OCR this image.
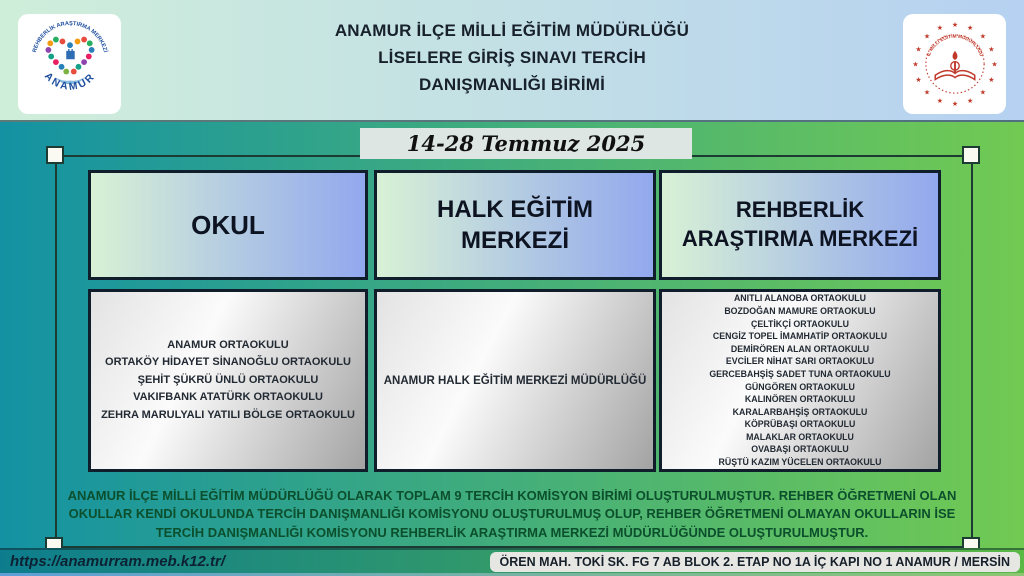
REHBERLİK ARAŞTIRMA MERKEZİ
ANAMUR
ANAMUR İLÇE MİLLİ EĞİTİM MÜDÜRLÜĞÜ
LİSELERE GİRİŞ SINAVI TERCİH
DANIŞMANLIĞI BİRİMİ
★
★
★
★
★
★
★
★
★
★
★
★ ★ ★
★
★
İL MİLLİ EĞİTİM MÜDÜRLÜĞÜ
14-28 Temmuz 2025
OKUL
HALK EĞİTİM MERKEZİ
REHBERLİK ARAŞTIRMA MERKEZİ
ANAMUR ORTAOKULU
ORTAKÖY HİDAYET SİNANOĞLU ORTAOKULU
ŞEHİT ŞÜKRÜ ÜNLÜ ORTAOKULU
VAKIFBANK ATATÜRK ORTAOKULU
ZEHRA MARULYALI YATILI BÖLGE ORTAOKULU
ANAMUR HALK EĞİTİM MERKEZİ MÜDÜRLÜĞÜ
ANITLI ALANOBA ORTAOKULU
BOZDOĞAN MAMURE ORTAOKULU
ÇELTİKÇİ ORTAOKULU
CENGİZ TOPEL İMAMHATİP ORTAOKULU
DEMİRÖREN ALAN ORTAOKULU
EVCİLER NİHAT SARI ORTAOKULU
GERCEBAHŞİŞ SADET TUNA ORTAOKULU
GÜNGÖREN ORTAOKULU
KALINÖREN ORTAOKULU
KARALARBAHŞİŞ ORTAOKULU
KÖPRÜBAŞI ORTAOKULU
MALAKLAR ORTAOKULU
OVABAŞI ORTAOKULU
RÜŞTÜ KAZIM YÜCELEN ORTAOKULU
ANAMUR İLÇE MİLLİ EĞİTİM MÜDÜRLÜĞÜ OLARAK TOPLAM 9 TERCİH KOMİSYON BİRİMİ OLUŞTURULMUŞTUR. REHBER ÖĞRETMENİ OLAN OKULLAR KENDİ OKULUNDA TERCİH DANIŞMANLIĞI KOMİSYONU OLUŞTURULMUŞ OLUP, REHBER ÖĞRETMENİ OLMAYAN OKULLARIN İSE TERCİH DANIŞMANLIĞI KOMİSYONU REHBERLİK ARAŞTIRMA MERKEZİ MÜDÜRLÜĞÜNDE OLUŞTURULMUŞTUR.
https://anamurram.meb.k12.tr/	ÖREN MAH. TOKİ SK. FG 7 AB BLOK 2. ETAP NO 1A İÇ KAPI NO 1 ANAMUR / MERSİN
